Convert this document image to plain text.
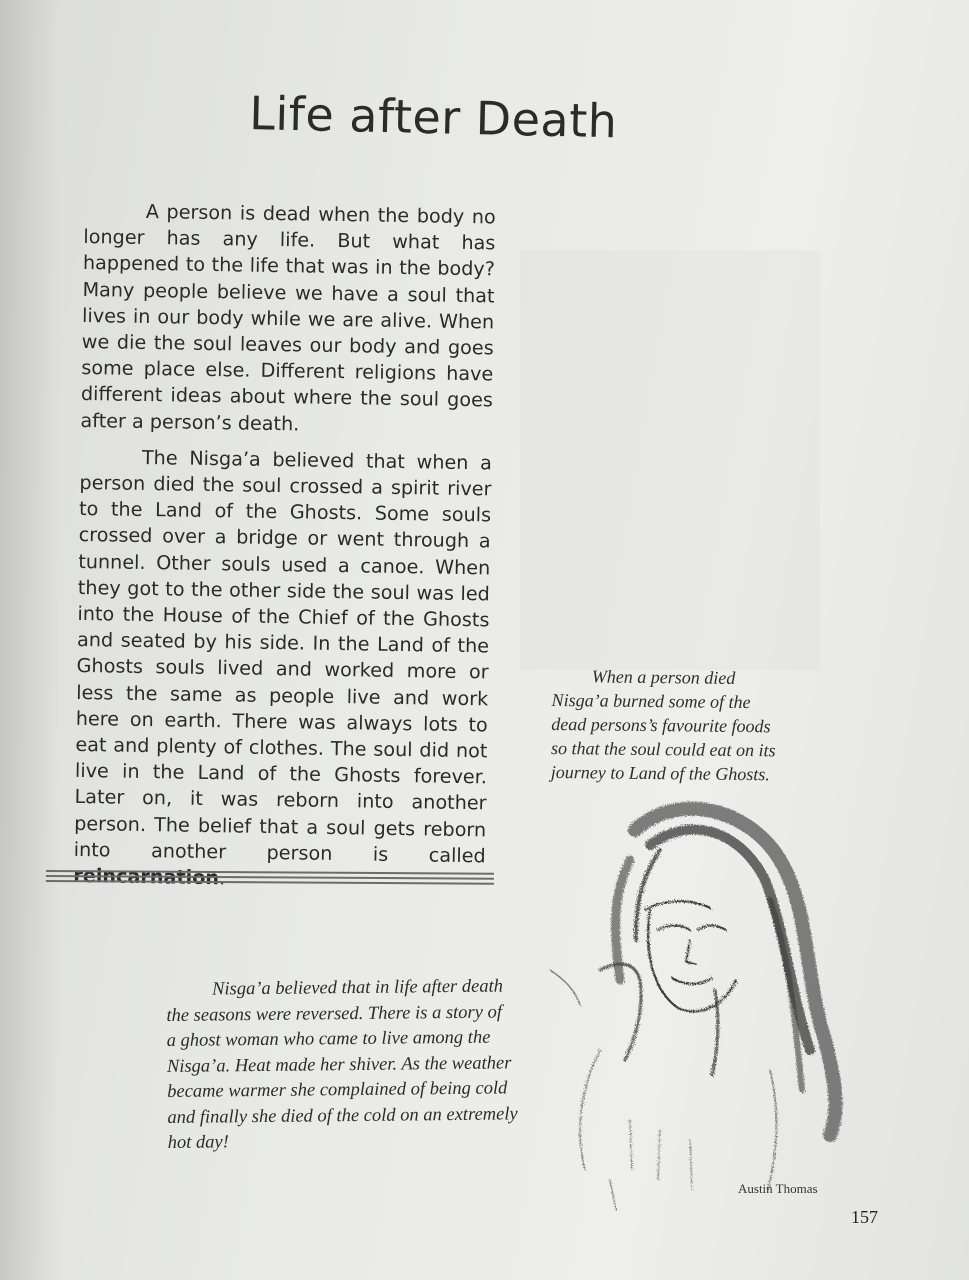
Life after Death

A person is dead when the body no longer has any life. But what has happened to the life that was in the body? Many people believe we have a soul that lives in our body while we are alive. When we die the soul leaves our body and goes some place else. Different religions have different ideas about where the soul goes after a person’s death.

The Nisga’a believed that when a person died the soul crossed a spirit river to the Land of the Ghosts. Some souls crossed over a bridge or went through a tunnel. Other souls used a canoe. When they got to the other side the soul was led into the House of the Chief of the Ghosts and seated by his side. In the Land of the Ghosts souls lived and worked more or less the same as people live and work here on earth. There was always lots to eat and plenty of clothes. The soul did not live in the Land of the Ghosts forever. Later on, it was reborn into another person. The belief that a soul gets reborn into another person is called

When a person died
Nisga’a burned some of the
dead persons’s favourite foods
so that the soul could eat on its
journey to Land of the Ghosts.
Nisga’a believed that in life after death
the seasons were reversed. There is a story of
a ghost woman who came to live among the
Nisga’a. Heat made her shiver. As the weather
became warmer she complained of being cold
and finally she died of the cold on an extremely
hot day!
Austin Thomas
157
